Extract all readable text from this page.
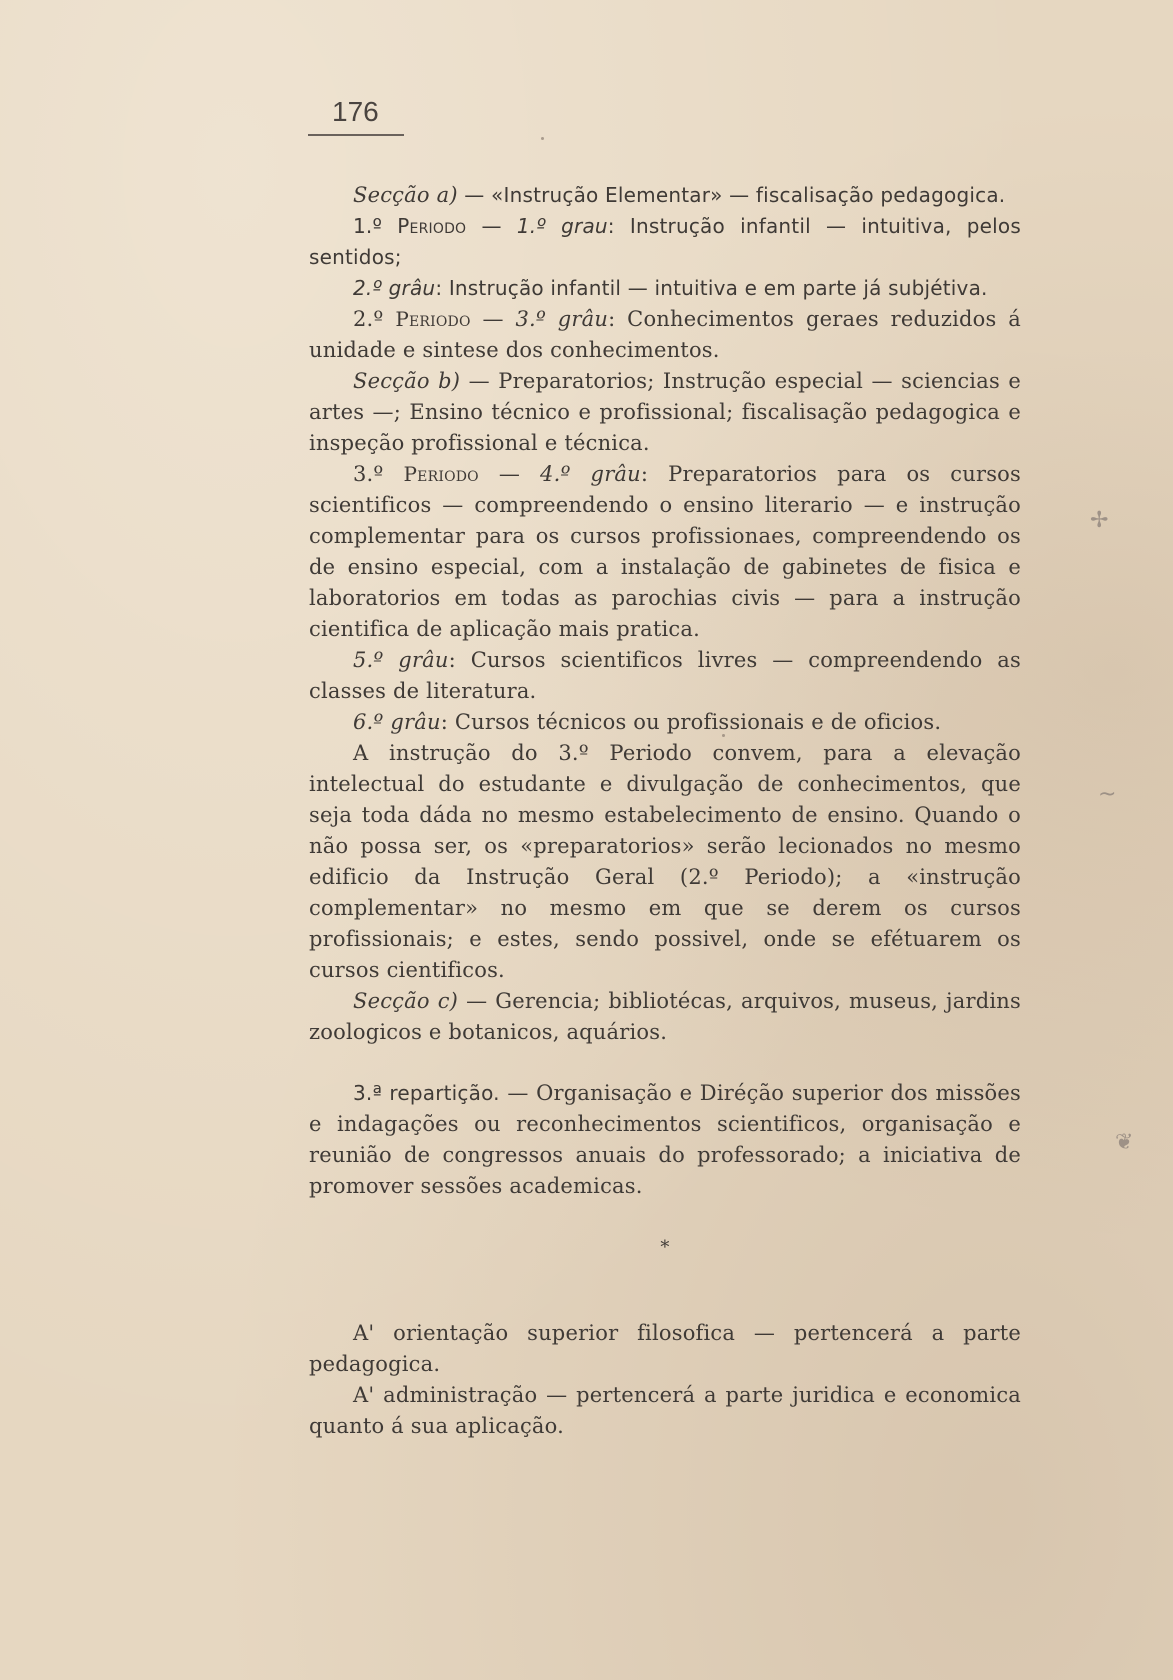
176

Secção a) — «Instrução Elementar» — fiscalisação pedagogica.

1.º Periodo — 1.º grau: Instrução infantil — intuitiva, pelos sentidos;

2.º grâu: Instrução infantil — intuitiva e em parte já subjétiva.

2.º Periodo — 3.º grâu: Conhecimentos geraes reduzidos á unidade e sintese dos conhecimentos.

Secção b) — Preparatorios; Instrução especial — sciencias e artes —; Ensino técnico e profissional; fiscalisação pedagogica e inspeção profissional e técnica.

3.º Periodo — 4.º grâu: Preparatorios para os cursos scientificos — compreendendo o ensino literario — e instrução complementar para os cursos profissionaes, compreendendo os de ensino especial, com a instalação de gabinetes de fisica e laboratorios em todas as parochias civis — para a instrução cientifica de aplicação mais pratica.

5.º grâu: Cursos scientificos livres — compreendendo as classes de literatura.

6.º grâu: Cursos técnicos ou profissionais e de oficios.

A instrução do 3.º Periodo convem, para a elevação intelectual do estudante e divulgação de conhecimentos, que seja toda dáda no mesmo estabelecimento de ensino. Quando o não possa ser, os «preparatorios» serão lecionados no mesmo edificio da Instrução Geral (2.º Periodo); a «instrução complementar» no mesmo em que se derem os cursos profissionais; e estes, sendo possivel, onde se efétuarem os cursos cientificos.

Secção c) — Gerencia; bibliotécas, arquivos, museus, jardins zoologicos e botanicos, aquários.

3.ª repartição. — Organisação e Diréção superior dos missões e indagações ou reconhecimentos scientificos, organisação e reunião de congressos anuais do professorado; a iniciativa de promover sessões academicas.

*

A' orientação superior filosofica — pertencerá a parte pedagogica.

A' administração — pertencerá a parte juridica e economica quanto á sua aplicação.

✢
~
❦
